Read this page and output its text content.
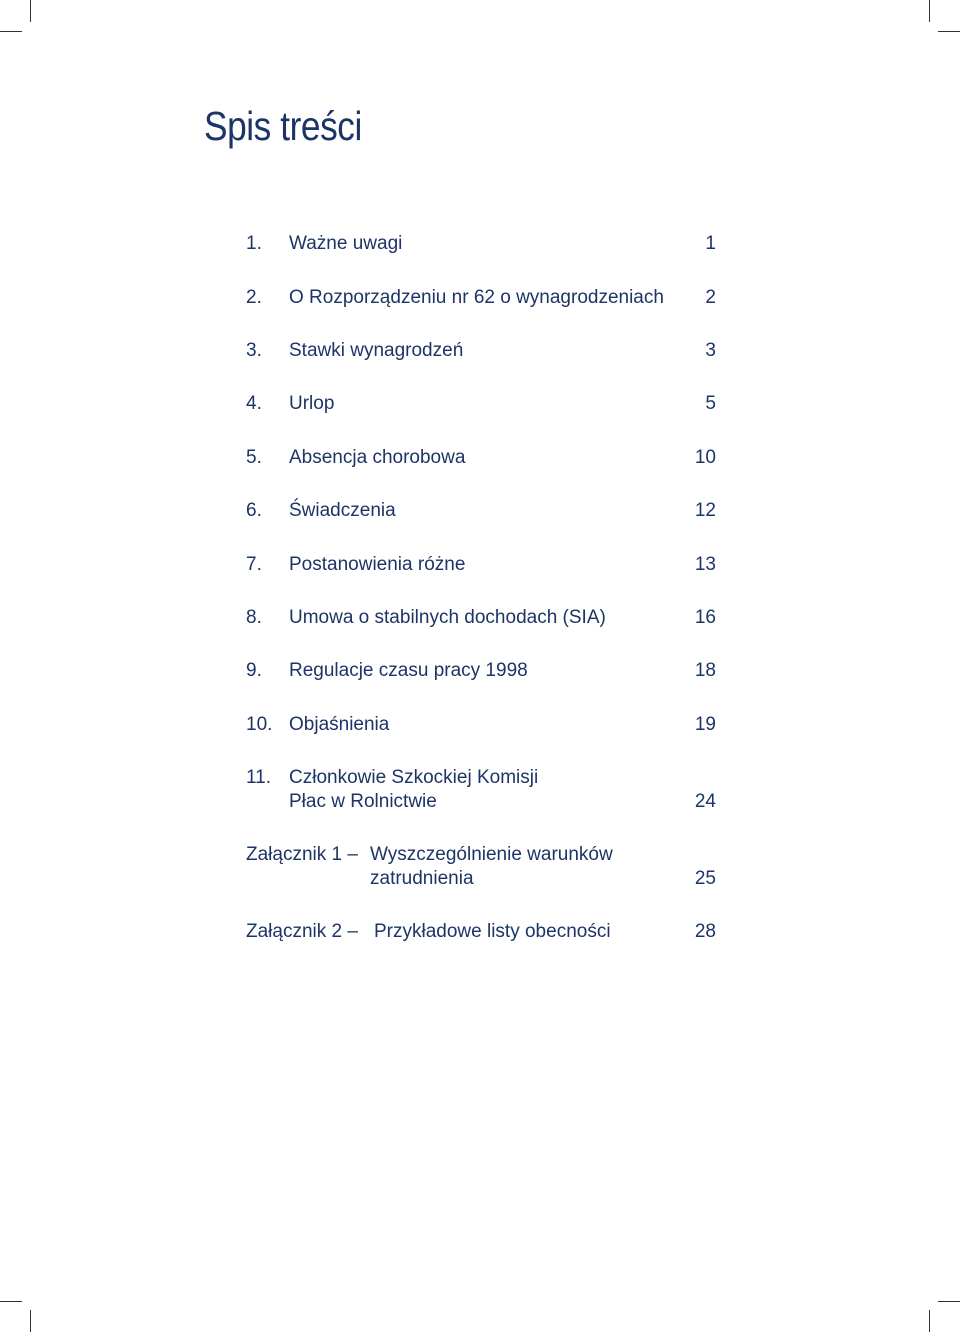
Spis treści
1. Ważne uwagi	1
2. O Rozporządzeniu nr 62 o wynagrodzeniach 2
3. Stawki wynagrodzeń	3
4. Urlop	5
5. Absencja chorobowa	10
6. Świadczenia	12
7. Postanowienia różne	13
8. Umowa o stabilnych dochodach (SIA)	16
9. Regulacje czasu pracy 1998	18
10. Objaśnienia	19
11. Członkowie Szkockiej Komisji
Płac w Rolnictwie	24
Załącznik 1 – Wyszczególnienie warunków
zatrudnienia	25
Załącznik 2 – Przykładowe listy obecności	28
